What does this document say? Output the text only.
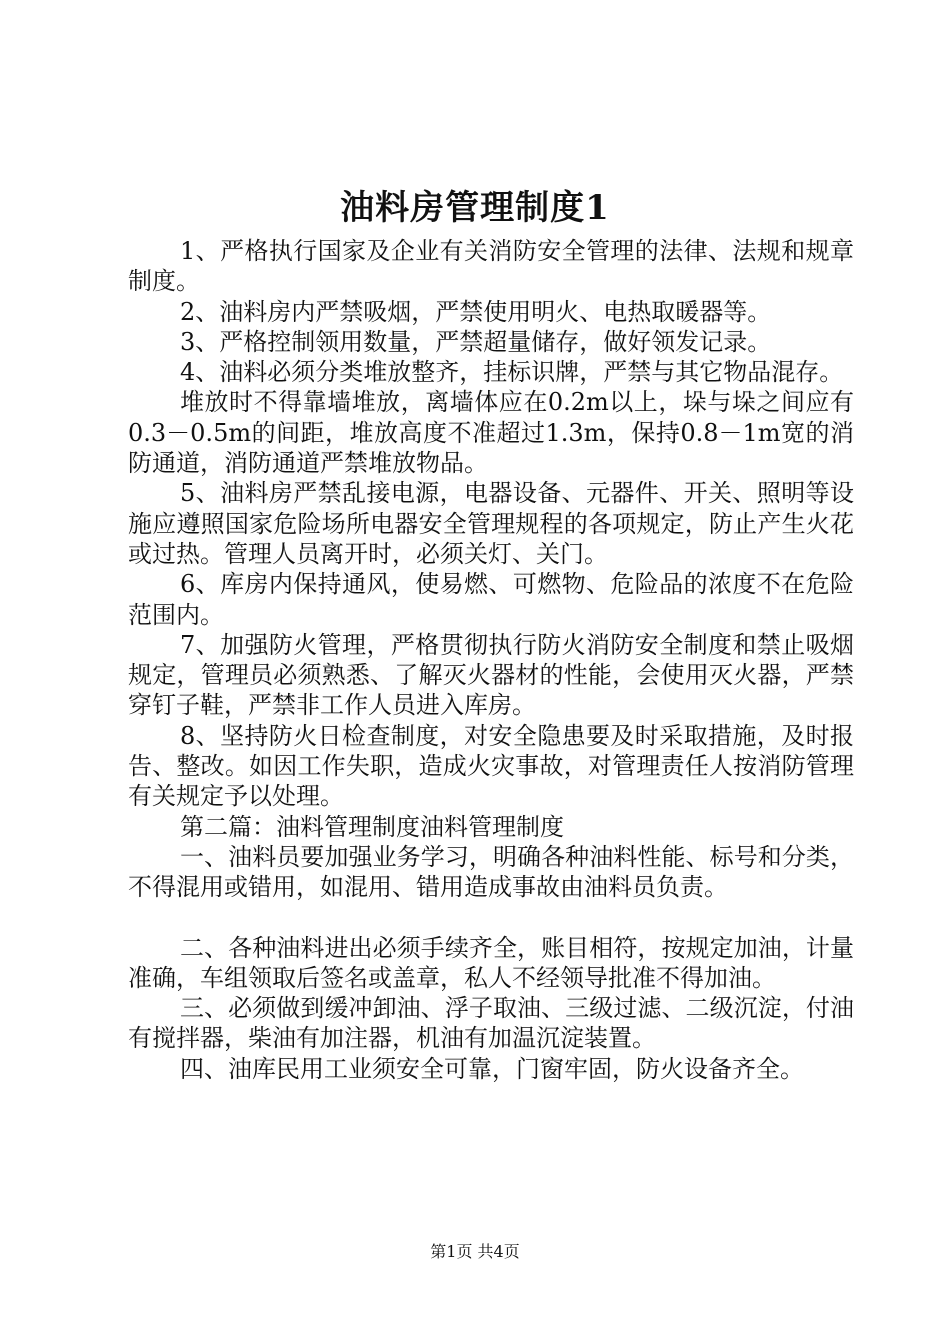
油料房管理制度1

1、严格执行国家及企业有关消防安全管理的法律、法规和规章制度。

2、油料房内严禁吸烟，严禁使用明火、电热取暖器等。

3、严格控制领用数量，严禁超量储存，做好领发记录。

4、油料必须分类堆放整齐，挂标识牌，严禁与其它物品混存。

堆放时不得靠墙堆放，离墙体应在0.2m以上，垛与垛之间应有0.3－0.5m的间距，堆放高度不准超过1.3m，保持0.8－1m宽的消防通道，消防通道严禁堆放物品。

5、油料房严禁乱接电源，电器设备、元器件、开关、照明等设施应遵照国家危险场所电器安全管理规程的各项规定，防止产生火花或过热。管理人员离开时，必须关灯、关门。

6、库房内保持通风，使易燃、可燃物、危险品的浓度不在危险范围内。

7、加强防火管理，严格贯彻执行防火消防安全制度和禁止吸烟规定，管理员必须熟悉、了解灭火器材的性能，会使用灭火器，严禁穿钉子鞋，严禁非工作人员进入库房。

8、坚持防火日检查制度，对安全隐患要及时采取措施，及时报告、整改。如因工作失职，造成火灾事故，对管理责任人按消防管理有关规定予以处理。

第二篇：油料管理制度油料管理制度

一、油料员要加强业务学习，明确各种油料性能、标号和分类，不得混用或错用，如混用、错用造成事故由油料员负责。

二、各种油料进出必须手续齐全，账目相符，按规定加油，计量准确，车组领取后签名或盖章，私人不经领导批准不得加油。

三、必须做到缓冲卸油、浮子取油、三级过滤、二级沉淀，付油有搅拌器，柴油有加注器，机油有加温沉淀装置。

四、油库民用工业须安全可靠，门窗牢固，防火设备齐全。

第1页 共4页
